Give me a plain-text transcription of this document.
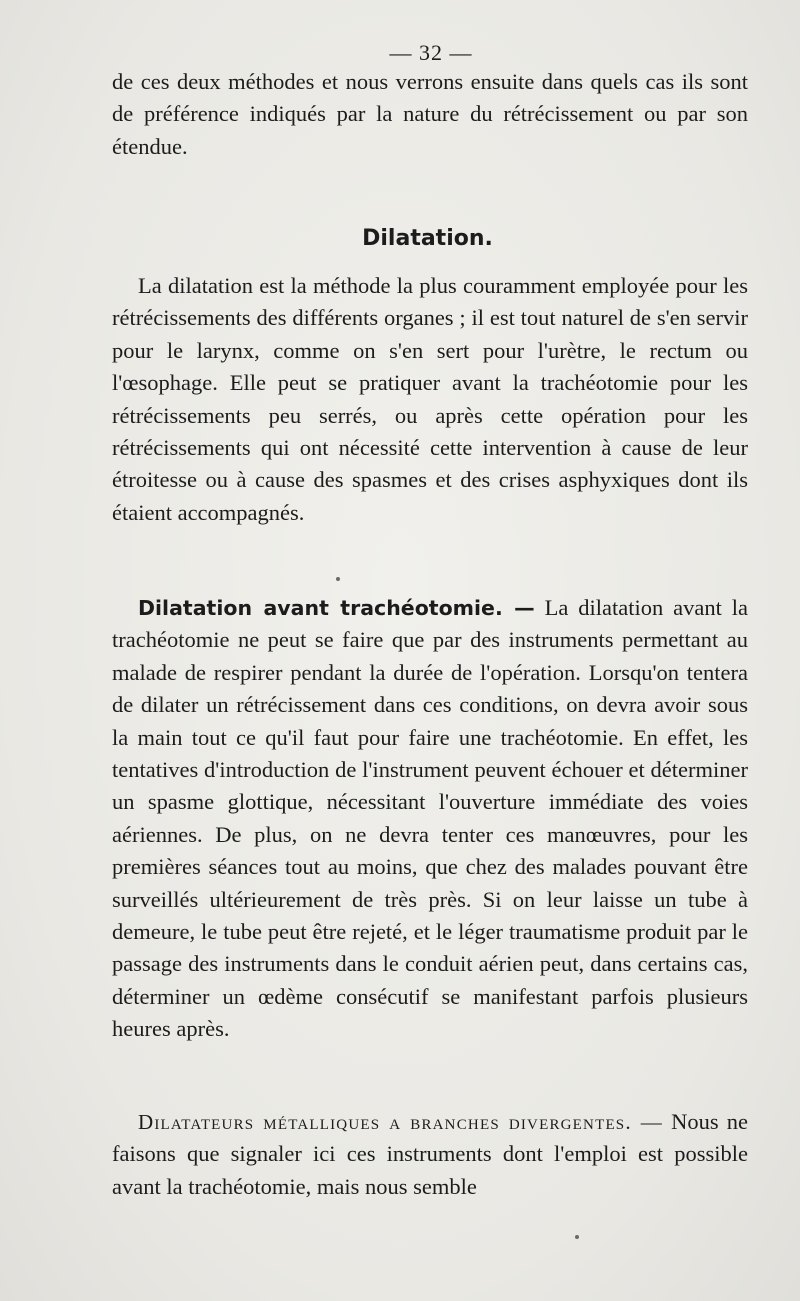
— 32 —

de ces deux méthodes et nous verrons ensuite dans quels cas ils sont de préférence indiqués par la nature du rétrécissement ou par son étendue.

Dilatation.

La dilatation est la méthode la plus couramment employée pour les rétrécissements des différents organes ; il est tout naturel de s'en servir pour le larynx, comme on s'en sert pour l'urètre, le rectum ou l'œsophage. Elle peut se pratiquer avant la trachéotomie pour les rétrécissements peu serrés, ou après cette opération pour les rétrécissements qui ont nécessité cette intervention à cause de leur étroitesse ou à cause des spasmes et des crises asphyxiques dont ils étaient accompagnés.

Dilatation avant trachéotomie. — La dilatation avant la trachéotomie ne peut se faire que par des instruments permettant au malade de respirer pendant la durée de l'opération. Lorsqu'on tentera de dilater un rétrécissement dans ces conditions, on devra avoir sous la main tout ce qu'il faut pour faire une trachéotomie. En effet, les tentatives d'introduction de l'instrument peuvent échouer et déterminer un spasme glottique, nécessitant l'ouverture immédiate des voies aériennes. De plus, on ne devra tenter ces manœuvres, pour les premières séances tout au moins, que chez des malades pouvant être surveillés ultérieurement de très près. Si on leur laisse un tube à demeure, le tube peut être rejeté, et le léger traumatisme produit par le passage des instruments dans le conduit aérien peut, dans certains cas, déterminer un œdème consécutif se manifestant parfois plusieurs heures après.

Dilatateurs métalliques a branches divergentes. — Nous ne faisons que signaler ici ces instruments dont l'emploi est possible avant la trachéotomie, mais nous semble
